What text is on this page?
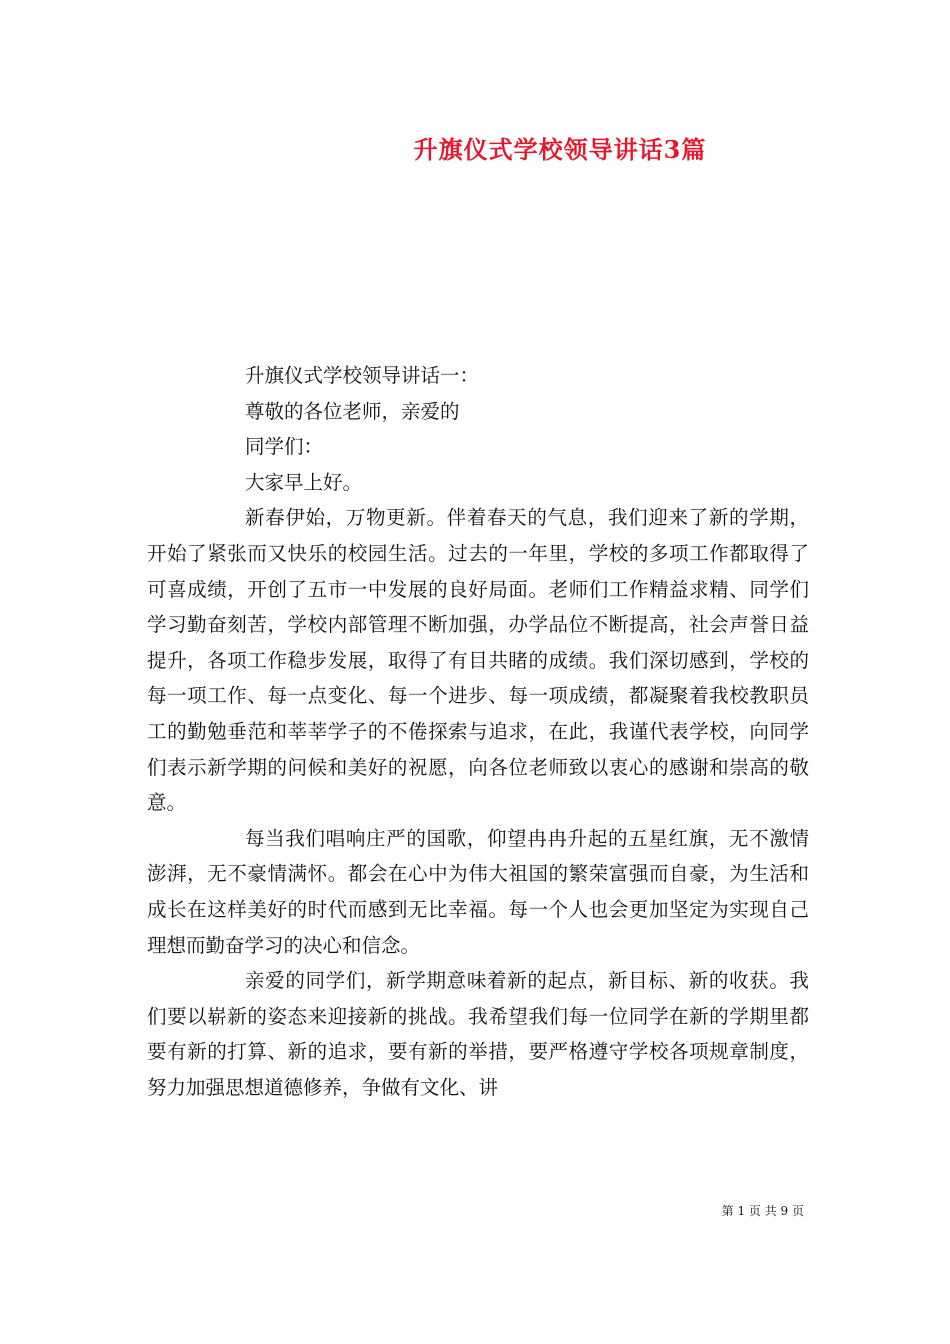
升旗仪式学校领导讲话3篇

升旗仪式学校领导讲话一：

尊敬的各位老师，亲爱的

同学们：

大家早上好。

新春伊始，万物更新。伴着春天的气息，我们迎来了新的学期，开始了紧张而又快乐的校园生活。过去的一年里，学校的多项工作都取得了可喜成绩，开创了五市一中发展的良好局面。老师们工作精益求精、同学们学习勤奋刻苦，学校内部管理不断加强，办学品位不断提高，社会声誉日益提升，各项工作稳步发展，取得了有目共睹的成绩。我们深切感到，学校的每一项工作、每一点变化、每一个进步、每一项成绩，都凝聚着我校教职员工的勤勉垂范和莘莘学子的不倦探索与追求，在此，我谨代表学校，向同学们表示新学期的问候和美好的祝愿，向各位老师致以衷心的感谢和崇高的敬意。

每当我们唱响庄严的国歌，仰望冉冉升起的五星红旗，无不激情澎湃，无不豪情满怀。都会在心中为伟大祖国的繁荣富强而自豪，为生活和成长在这样美好的时代而感到无比幸福。每一个人也会更加坚定为实现自己理想而勤奋学习的决心和信念。

亲爱的同学们，新学期意味着新的起点，新目标、新的收获。我们要以崭新的姿态来迎接新的挑战。我希望我们每一位同学在新的学期里都要有新的打算、新的追求，要有新的举措，要严格遵守学校各项规章制度，努力加强思想道德修养，争做有文化、讲

第 1 页 共 9 页
